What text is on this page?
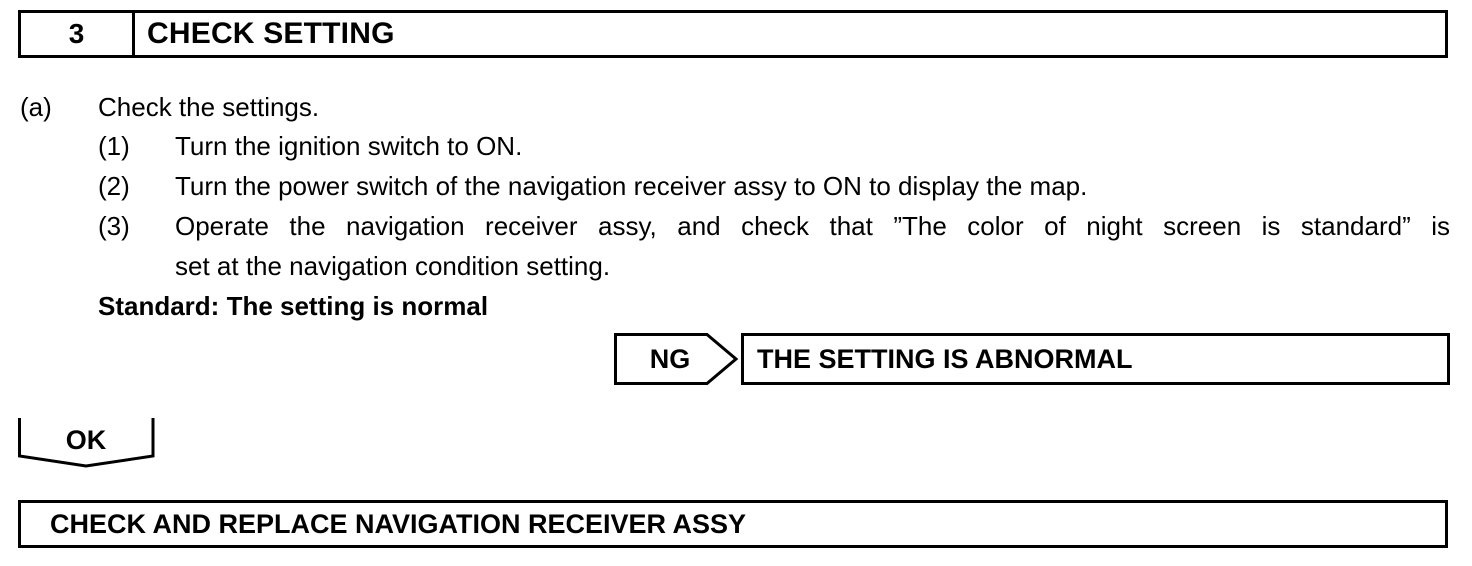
3	CHECK SETTING
(a) Check the settings.
(1) Turn the ignition switch to ON.
(2) Turn the power switch of the navigation receiver assy to ON to display the map.
(3) Operate the navigation receiver assy, and check that ”The color of night screen is standard” is
set at the navigation condition setting.
Standard: The setting is normal
NG	THE SETTING IS ABNORMAL
OK
CHECK AND REPLACE NAVIGATION RECEIVER ASSY
